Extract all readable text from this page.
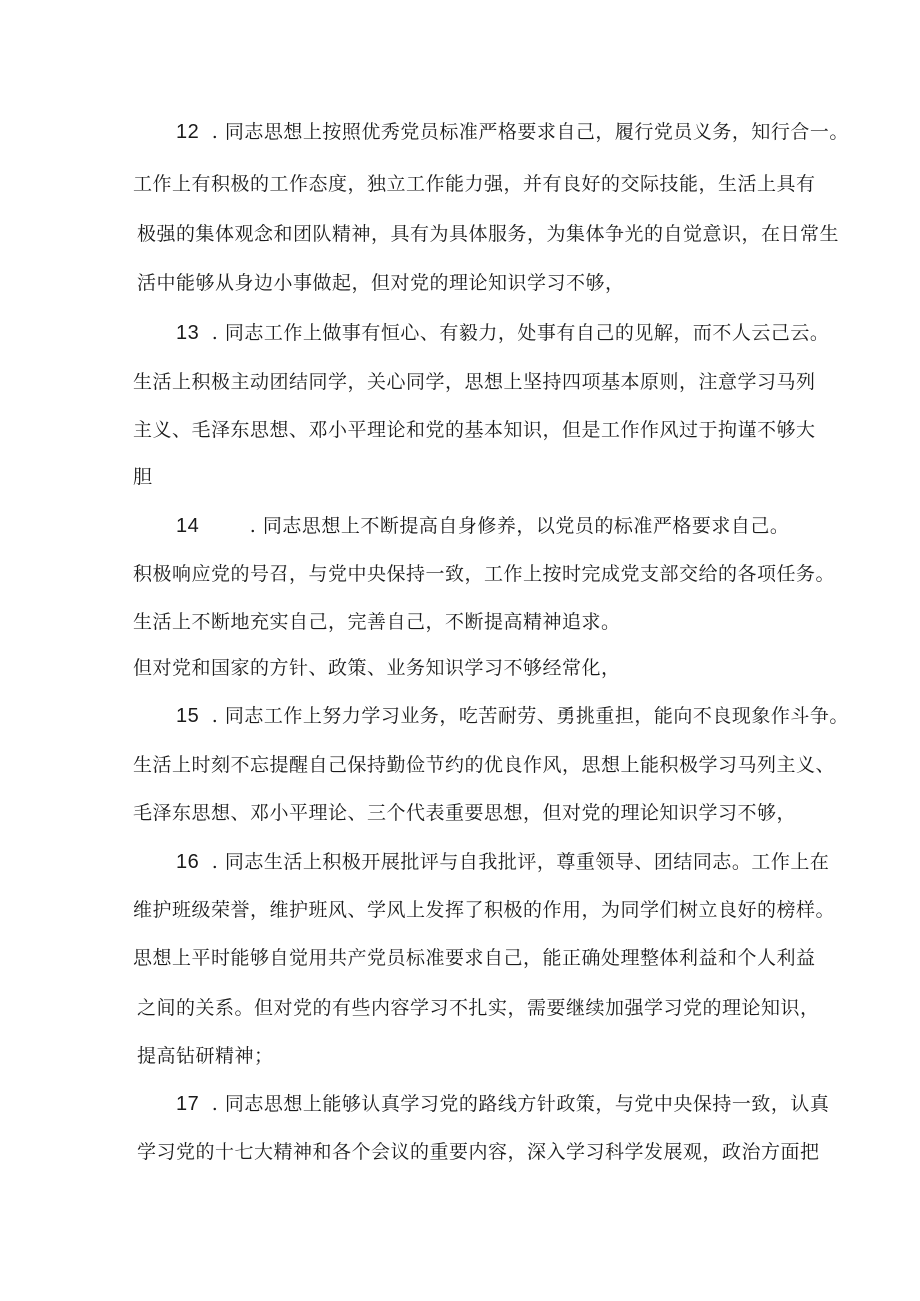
12 . 同志思想上按照优秀党员标准严格要求自己，履行党员义务，知行合一。
工作上有积极的工作态度，独立工作能力强，并有良好的交际技能，生活上具有
极强的集体观念和团队精神，具有为具体服务，为集体争光的自觉意识，在日常生
活中能够从身边小事做起，但对党的理论知识学习不够，
13 . 同志工作上做事有恒心、有毅力，处事有自己的见解，而不人云己云。
生活上积极主动团结同学，关心同学，思想上坚持四项基本原则，注意学习马列
主义、毛泽东思想、邓小平理论和党的基本知识，但是工作作风过于拘谨不够大
胆
14 . 同志思想上不断提高自身修养，以党员的标准严格要求自己。
积极响应党的号召，与党中央保持一致，工作上按时完成党支部交给的各项任务。
生活上不断地充实自己，完善自己，不断提高精神追求。
但对党和国家的方针、政策、业务知识学习不够经常化，
15 . 同志工作上努力学习业务，吃苦耐劳、勇挑重担，能向不良现象作斗争。
生活上时刻不忘提醒自己保持勤俭节约的优良作风，思想上能积极学习马列主义、
毛泽东思想、邓小平理论、三个代表重要思想，但对党的理论知识学习不够，
16 . 同志生活上积极开展批评与自我批评，尊重领导、团结同志。工作上在
维护班级荣誉，维护班风、学风上发挥了积极的作用，为同学们树立良好的榜样。
思想上平时能够自觉用共产党员标准要求自己，能正确处理整体利益和个人利益
之间的关系。但对党的有些内容学习不扎实，需要继续加强学习党的理论知识，
提高钻研精神；
17 . 同志思想上能够认真学习党的路线方针政策，与党中央保持一致，认真
学习党的十七大精神和各个会议的重要内容，深入学习科学发展观，政治方面把
